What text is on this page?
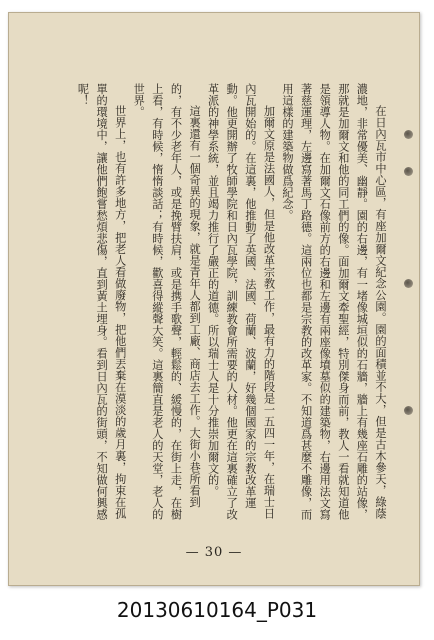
在日內瓦市中心區，有座加爾文紀念公園。園的面積並不大，但是古木參天，綠蔭濃地，非常優美、幽靜。園的右邊，有一堵像城垣似的石牆，牆上有幾座石雕的站像，那就是加爾文和他的同工們的像。面加爾文牽聖經，特別傑身而前，教人一看就知道他是領導人物。在加爾文石像前方的右邊和左邊有兩座像墳墓似的建築物，右邊用法文寫著慈運理，左邊寫著馬丁路德。這兩位也都是宗教的改革家。不知道爲甚麼不雕像，而用這樣的建築物做爲紀念。

加爾文原是法國人，但是他改革宗教工作，最有力的階段是一五四一年，在瑞士日內瓦開始的。在這裏，他推動了英國、法國、荷蘭、波蘭，好幾個國家的宗教改革運動。他更開辦了牧師學院和日內瓦學院，訓練教會所需要的人材。他更在這裏確立了改革派的神學系統，並且竭力推行了嚴正的道德。所以瑞士人是十分推崇加爾文的。

這裏還有一個奇異的現象，就是青年人都到工廠、商店去工作。大街小巷所看到的，有不少老年人，或是挽臂扶肩，或是携手歌聲，輕鬆的、緩慢的，在街上走，在樹上看，有時候，惰惰談話；有時候，歡喜得縱聲大笑。這裏簡直是老人的天堂，老人的世界。

世界上，也有許多地方，把老人看做廢物，把他們丟棄在漠淡的歲月裏，拘束在孤單的環境中，讓他們飽嘗愁煩悲傷，直到黃土埋身。看到日內瓦的街頭，不知做何興感呢！

— 30 —
20130610164_P031
